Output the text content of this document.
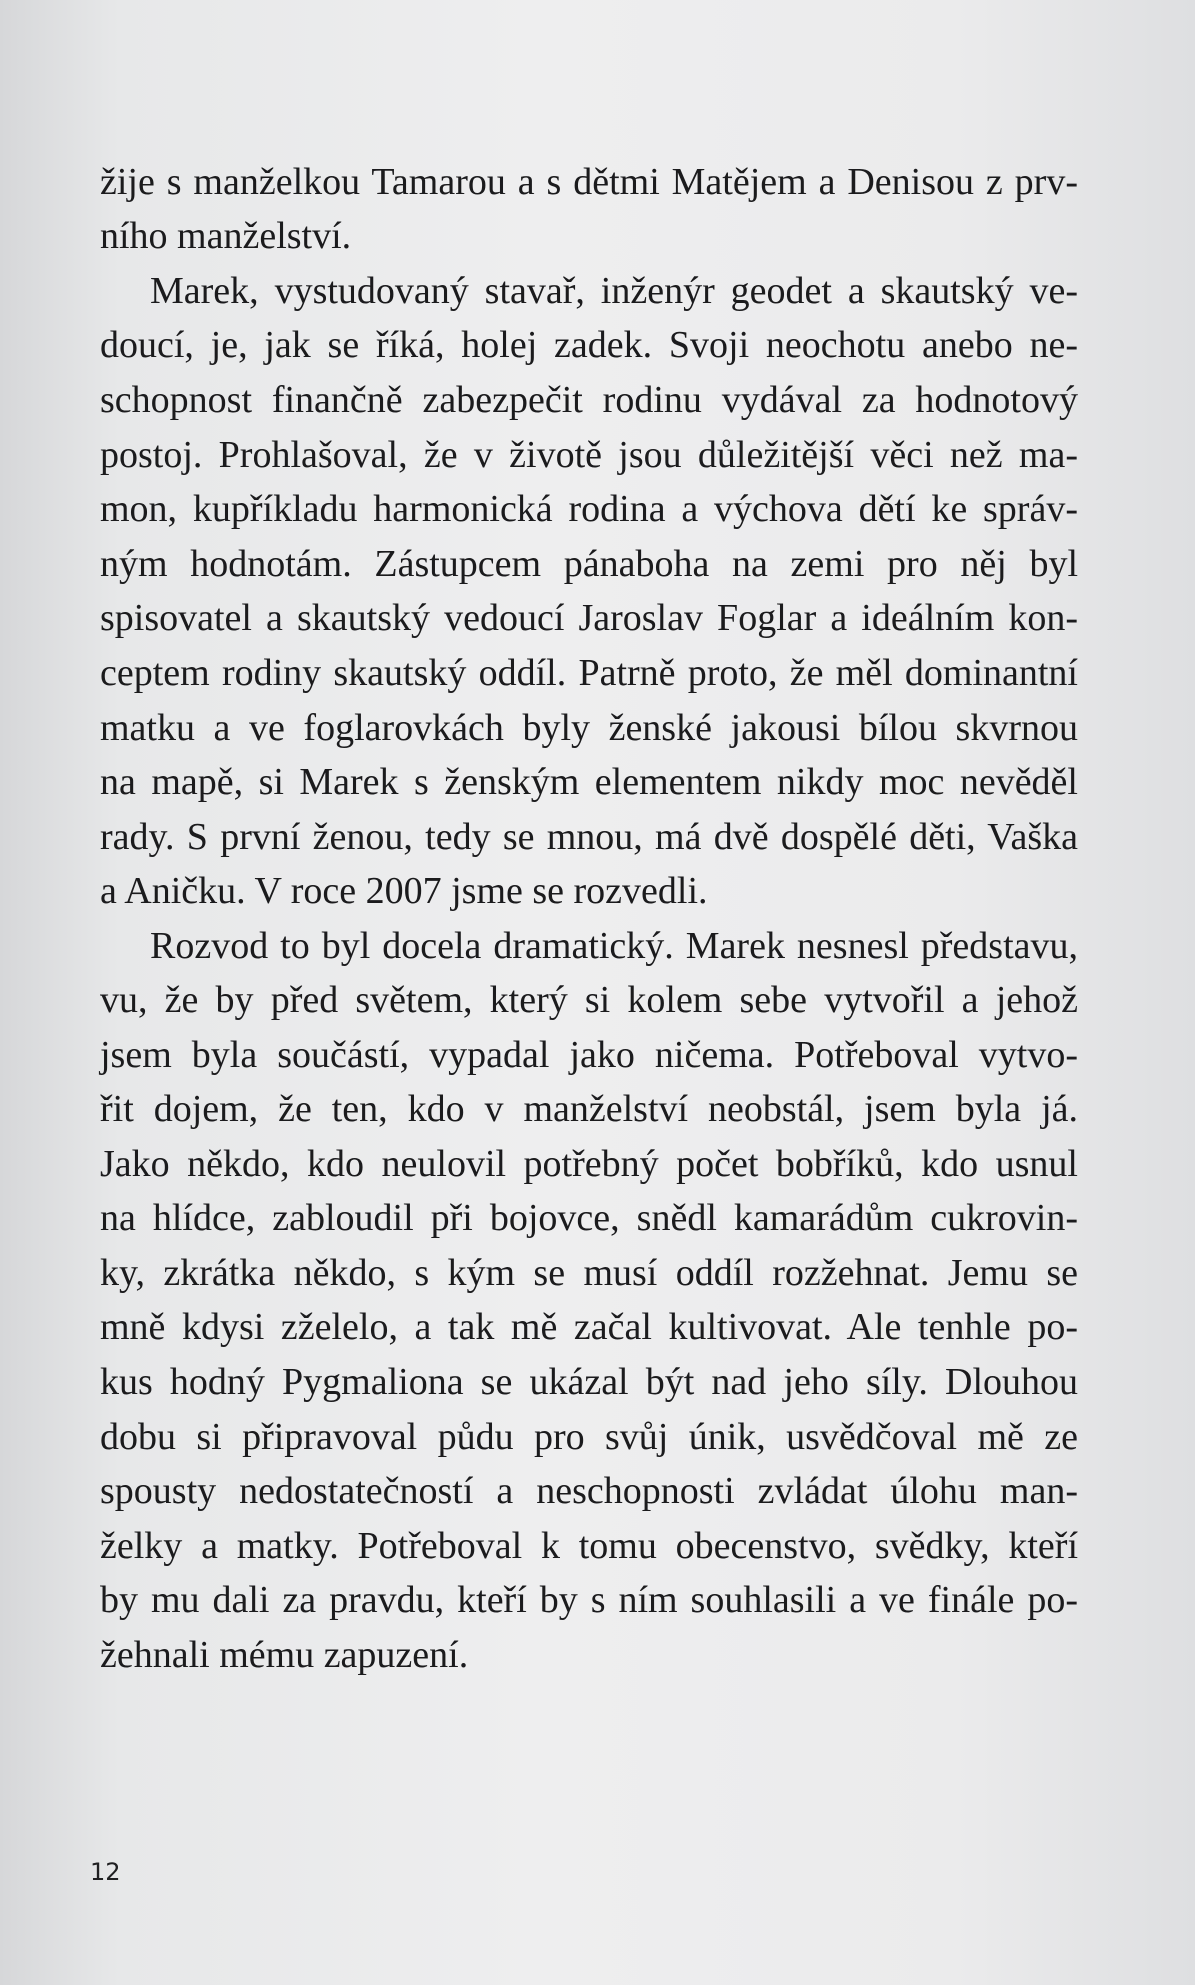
žije s manželkou Tamarou a s dětmi Matějem a Denisou z prv-
ního manželství.
Marek, vystudovaný stavař, inženýr geodet a skautský ve-
doucí, je, jak se říká, holej zadek. Svoji neochotu anebo ne-
schopnost finančně zabezpečit rodinu vydával za hodnotový
postoj. Prohlašoval, že v životě jsou důležitější věci než ma-
mon, kupříkladu harmonická rodina a výchova dětí ke správ-
ným hodnotám. Zástupcem pánaboha na zemi pro něj byl
spisovatel a skautský vedoucí Jaroslav Foglar a ideálním kon-
ceptem rodiny skautský oddíl. Patrně proto, že měl dominantní
matku a ve foglarovkách byly ženské jakousi bílou skvrnou
na mapě, si Marek s ženským elementem nikdy moc nevěděl
rady. S první ženou, tedy se mnou, má dvě dospělé děti, Vaška
a Aničku. V roce 2007 jsme se rozvedli.
Rozvod to byl docela dramatický. Marek nesnesl představu,
vu, že by před světem, který si kolem sebe vytvořil a jehož
jsem byla součástí, vypadal jako ničema. Potřeboval vytvo-
řit dojem, že ten, kdo v manželství neobstál, jsem byla já.
Jako někdo, kdo neulovil potřebný počet bobříků, kdo usnul
na hlídce, zabloudil při bojovce, snědl kamarádům cukrovin-
ky, zkrátka někdo, s kým se musí oddíl rozžehnat. Jemu se
mně kdysi zželelo, a tak mě začal kultivovat. Ale tenhle po-
kus hodný Pygmaliona se ukázal být nad jeho síly. Dlouhou
dobu si připravoval půdu pro svůj únik, usvědčoval mě ze
spousty nedostatečností a neschopnosti zvládat úlohu man-
želky a matky. Potřeboval k tomu obecenstvo, svědky, kteří
by mu dali za pravdu, kteří by s ním souhlasili a ve finále po-
žehnali mému zapuzení.
12
